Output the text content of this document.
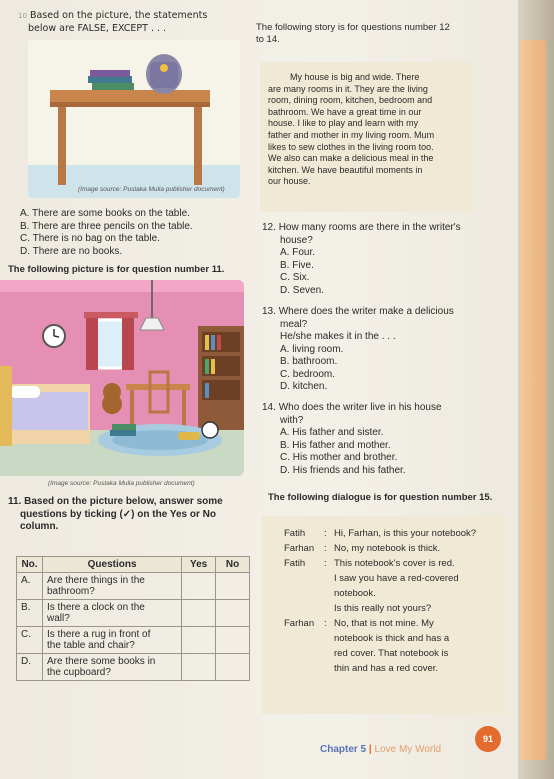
10 Based on the picture, the statements
below are FALSE, EXCEPT . . .
(Image source: Pustaka Mulia publisher document)
A. There are some books on the table.
B. There are three pencils on the table.
C. There is no bag on the table.
D. There are no books.
The following picture is for question number 11.
(Image source: Pustaka Mulia publisher document)
11. Based on the picture below, answer some
questions by ticking (✓) on the Yes or No
column.
No.	Questions	Yes	No
A.	Are there things in the
bathroom?		
B.	Is there a clock on the
wall?		
C.	Is there a rug in front of
the table and chair?		
D.	Are there some books in
the cupboard?		
The following story is for questions number 12
to 14.
My house is big and wide. There
are many rooms in it. They are the living
room, dining room, kitchen, bedroom and
bathroom. We have a great time in our
house. I like to play and learn with my
father and mother in my living room. Mum
likes to sew clothes in the living room too.
We also can make a delicious meal in the
kitchen. We have beautiful moments in
our house.
12. How many rooms are there in the writer's
house?
A. Four.
B. Five.
C. Six.
D. Seven.
13. Where does the writer make a delicious
meal?
He/she makes it in the . . .
A. living room.
B. bathroom.
C. bedroom.
D. kitchen.
14. Who does the writer live in his house
with?
A. His father and sister.
B. His father and mother.
C. His mother and brother.
D. His friends and his father.
The following dialogue is for question number 15.
Fatih	: Hi, Farhan, is this your notebook?
Farhan	: No, my notebook is thick.
Fatih	: This notebook's cover is red.
I saw you have a red-covered
notebook.
Is this really not yours?
Farhan	: No, that is not mine. My
notebook is thick and has a
red cover. That notebook is
thin and has a red cover.
Chapter 5 | Love My World
91
